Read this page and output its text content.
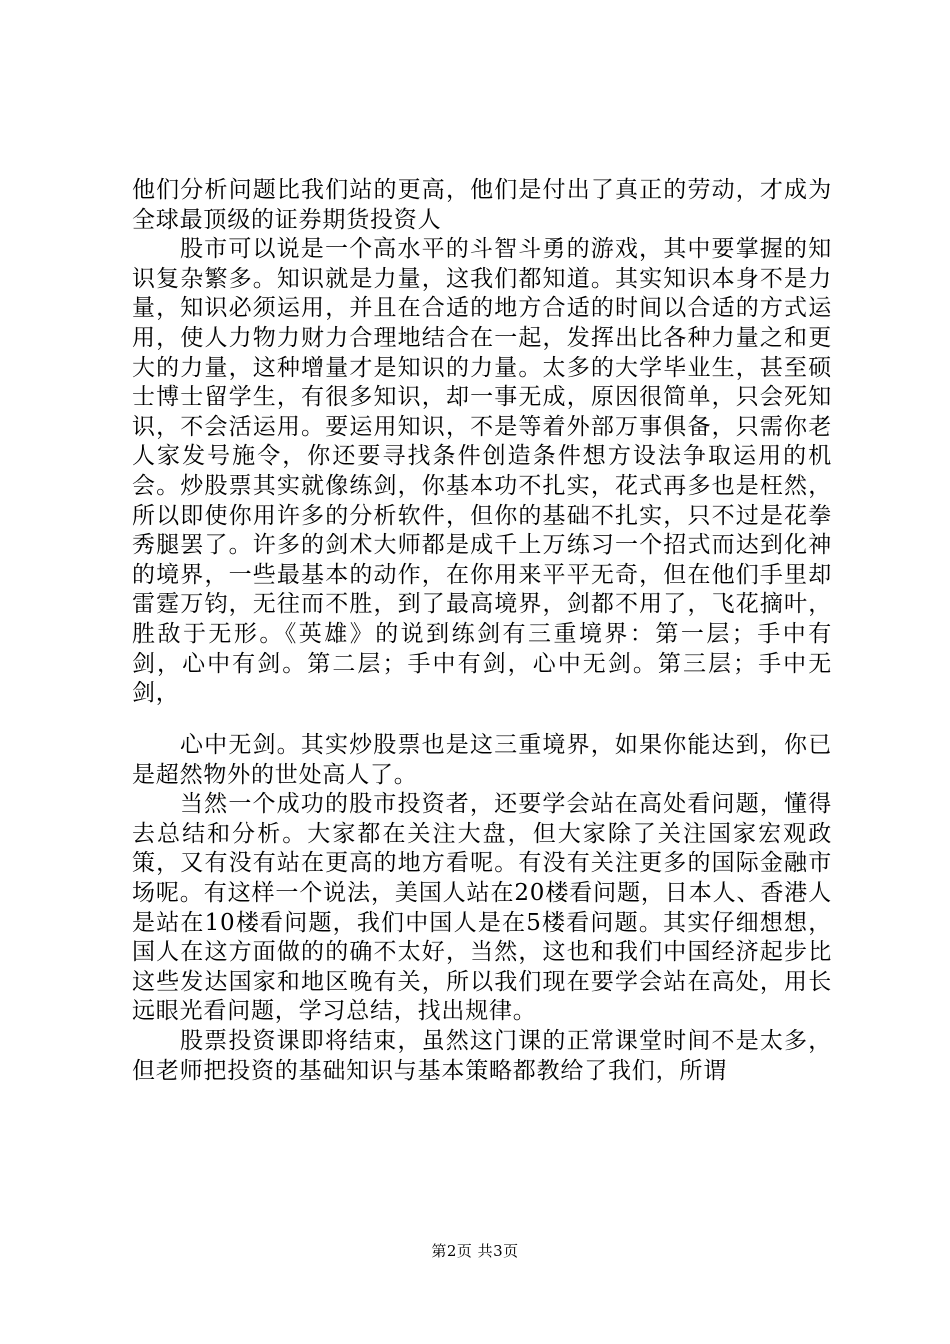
他们分析问题比我们站的更高，他们是付出了真正的劳动，才成为全球最顶级的证券期货投资人

股市可以说是一个高水平的斗智斗勇的游戏，其中要掌握的知识复杂繁多。知识就是力量，这我们都知道。其实知识本身不是力量，知识必须运用，并且在合适的地方合适的时间以合适的方式运用，使人力物力财力合理地结合在一起，发挥出比各种力量之和更大的力量，这种增量才是知识的力量。太多的大学毕业生，甚至硕士博士留学生，有很多知识，却一事无成，原因很简单，只会死知识，不会活运用。要运用知识，不是等着外部万事俱备，只需你老人家发号施令，你还要寻找条件创造条件想方设法争取运用的机会。炒股票其实就像练剑，你基本功不扎实，花式再多也是枉然，所以即使你用许多的分析软件，但你的基础不扎实，只不过是花拳秀腿罢了。许多的剑术大师都是成千上万练习一个招式而达到化神的境界，一些最基本的动作，在你用来平平无奇，但在他们手里却雷霆万钧，无往而不胜，到了最高境界，剑都不用了，飞花摘叶，胜敌于无形。《英雄》的说到练剑有三重境界：第一层；手中有剑，心中有剑。第二层；手中有剑，心中无剑。第三层；手中无剑，

心中无剑。其实炒股票也是这三重境界，如果你能达到，你已是超然物外的世处高人了。

当然一个成功的股市投资者，还要学会站在高处看问题，懂得去总结和分析。大家都在关注大盘，但大家除了关注国家宏观政策，又有没有站在更高的地方看呢。有没有关注更多的国际金融市场呢。有这样一个说法，美国人站在20楼看问题，日本人、香港人是站在10楼看问题，我们中国人是在5楼看问题。其实仔细想想，国人在这方面做的的确不太好，当然，这也和我们中国经济起步比这些发达国家和地区晚有关，所以我们现在要学会站在高处，用长远眼光看问题，学习总结，找出规律。

股票投资课即将结束，虽然这门课的正常课堂时间不是太多，但老师把投资的基础知识与基本策略都教给了我们，所谓

第2页 共3页
